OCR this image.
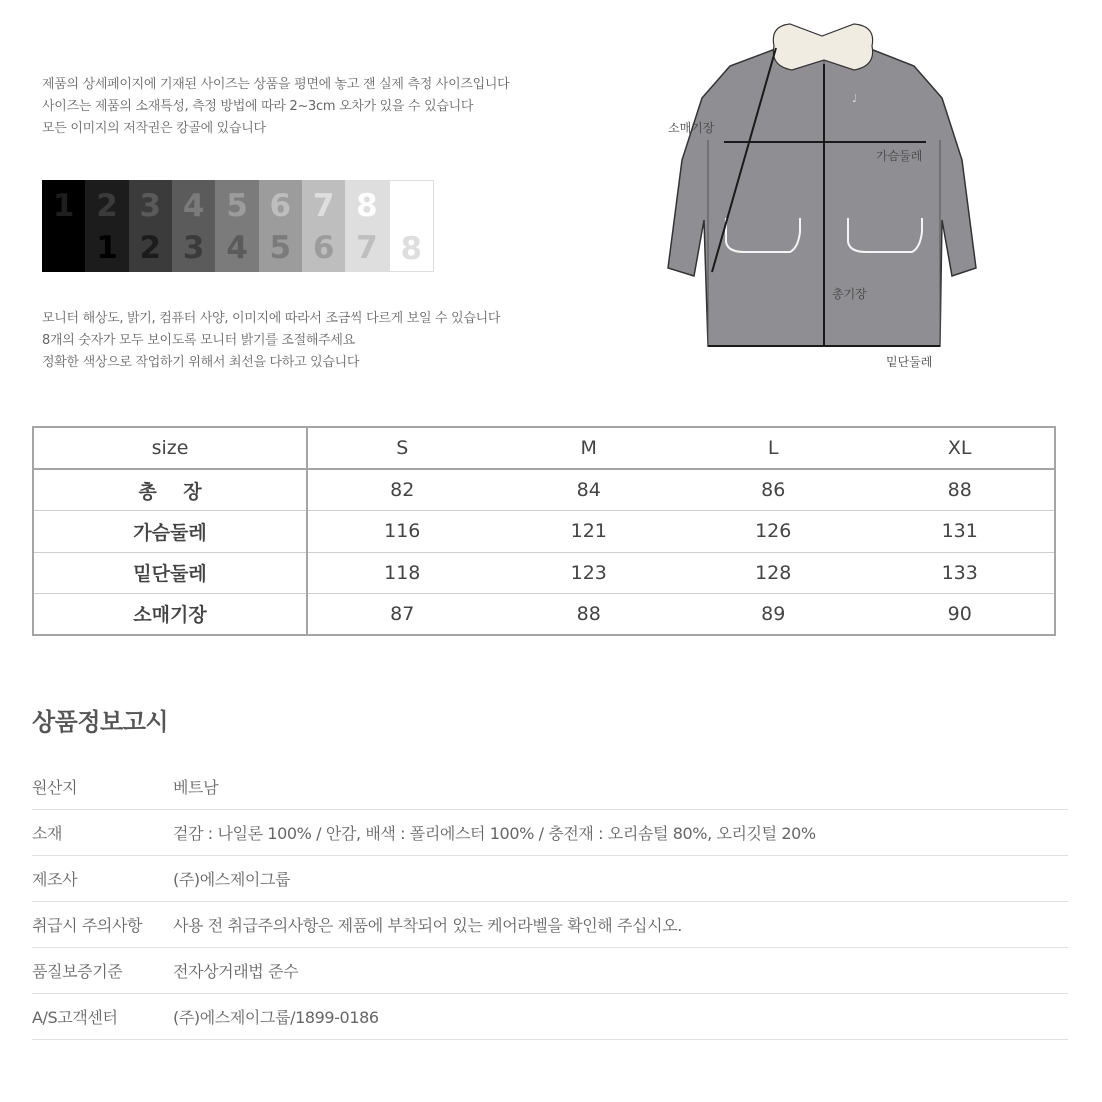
제품의 상세페이지에 기재된 사이즈는 상품을 평면에 놓고 잰 실제 측정 사이즈입니다
사이즈는 제품의 소재특성, 측정 방법에 따라 2~3cm 오차가 있을 수 있습니다
모든 이미지의 저작권은 캉골에 있습니다
1 2
1
3
2
4
3
5
4
6
5
7
6
8
7 8
모니터 해상도, 밝기, 컴퓨터 사양, 이미지에 따라서 조금씩 다르게 보일 수 있습니다
8개의 숫자가 모두 보이도록 모니터 밝기를 조절해주세요
정확한 색상으로 작업하기 위해서 최선을 다하고 있습니다
♩
소매기장
가슴둘레
총기장
밑단둘레
size	S	M	L	XL
총    장	82	84	86	88
가슴둘레	116	121	126	131
밑단둘레	118	123	128	133
소매기장	87	88	89	90
상품정보고시
원산지	베트남
소재	겉감 : 나일론 100% / 안감, 배색 : 폴리에스터 100% / 충전재 : 오리솜털 80%, 오리깃털 20%
제조사	(주)에스제이그룹
취급시 주의사항	사용 전 취급주의사항은 제품에 부착되어 있는 케어라벨을 확인해 주십시오.
품질보증기준	전자상거래법 준수
A/S고객센터	(주)에스제이그룹/1899-0186
